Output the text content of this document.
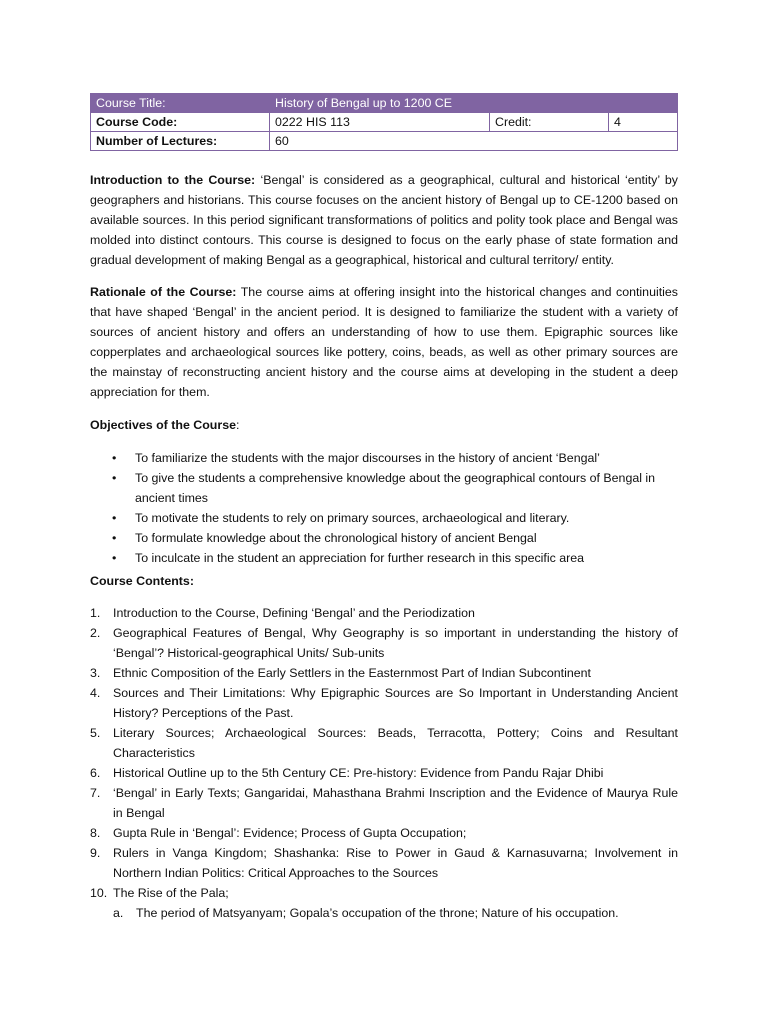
Course Title:	History of Bengal up to 1200 CE		
Course Code:	0222 HIS 113	Credit:	4
Number of Lectures:	60		

Introduction to the Course: ‘Bengal’ is considered as a geographical, cultural and historical ‘entity’ by geographers and historians. This course focuses on the ancient history of Bengal up to CE-1200 based on available sources. In this period significant transformations of politics and polity took place and Bengal was molded into distinct contours. This course is designed to focus on the early phase of state formation and gradual development of making Bengal as a geographical, historical and cultural territory/ entity.

Rationale of the Course: The course aims at offering insight into the historical changes and continuities that have shaped ‘Bengal’ in the ancient period. It is designed to familiarize the student with a variety of sources of ancient history and offers an understanding of how to use them. Epigraphic sources like copperplates and archaeological sources like pottery, coins, beads, as well as other primary sources are the mainstay of reconstructing ancient history and the course aims at developing in the student a deep appreciation for them.

Objectives of the Course:
• To familiarize the students with the major discourses in the history of ancient ‘Bengal’
• To give the students a comprehensive knowledge about the geographical contours of Bengal in ancient times
• To motivate the students to rely on primary sources, archaeological and literary.
• To formulate knowledge about the chronological history of ancient Bengal
• To inculcate in the student an appreciation for further research in this specific area
Course Contents:
1. Introduction to the Course, Defining ‘Bengal’ and the Periodization
2. Geographical Features of Bengal, Why Geography is so important in understanding the history of ‘Bengal’? Historical-geographical Units/ Sub-units
3. Ethnic Composition of the Early Settlers in the Easternmost Part of Indian Subcontinent
4. Sources and Their Limitations: Why Epigraphic Sources are So Important in Understanding Ancient History? Perceptions of the Past.
5. Literary Sources; Archaeological Sources: Beads, Terracotta, Pottery; Coins and Resultant Characteristics
6. Historical Outline up to the 5th Century CE: Pre-history: Evidence from Pandu Rajar Dhibi
7. ‘Bengal’ in Early Texts; Gangaridai, Mahasthana Brahmi Inscription and the Evidence of Maurya Rule in Bengal
8. Gupta Rule in ‘Bengal’: Evidence; Process of Gupta Occupation;
9. Rulers in Vanga Kingdom; Shashanka: Rise to Power in Gaud & Karnasuvarna; Involvement in Northern Indian Politics: Critical Approaches to the Sources
10. The Rise of the Pala;
a. The period of Matsyanyam; Gopala’s occupation of the throne; Nature of his occupation.
